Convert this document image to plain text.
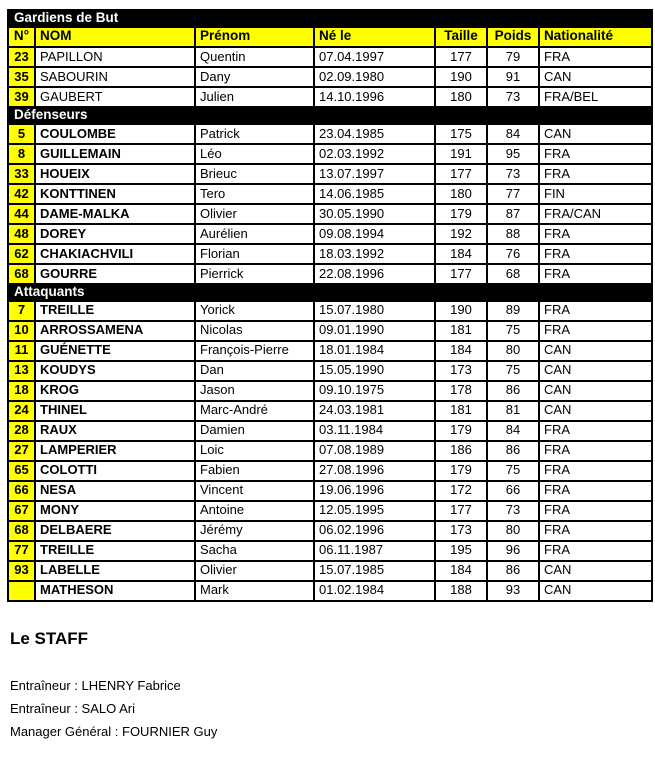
Gardiens de But						
N°	NOM	Prénom	Né le	Taille	Poids	Nationalité
23	PAPILLON	Quentin	07.04.1997	177	79	FRA
35	SABOURIN	Dany	02.09.1980	190	91	CAN
39	GAUBERT	Julien	14.10.1996	180	73	FRA/BEL
Défenseurs						
5	COULOMBE	Patrick	23.04.1985	175	84	CAN
8	GUILLEMAIN	Léo	02.03.1992	191	95	FRA
33	HOUEIX	Brieuc	13.07.1997	177	73	FRA
42	KONTTINEN	Tero	14.06.1985	180	77	FIN
44	DAME-MALKA	Olivier	30.05.1990	179	87	FRA/CAN
48	DOREY	Aurélien	09.08.1994	192	88	FRA
62	CHAKIACHVILI	Florian	18.03.1992	184	76	FRA
68	GOURRE	Pierrick	22.08.1996	177	68	FRA
Attaquants						
7	TREILLE	Yorick	15.07.1980	190	89	FRA
10	ARROSSAMENA	Nicolas	09.01.1990	181	75	FRA
11	GUÉNETTE	François-Pierre	18.01.1984	184	80	CAN
13	KOUDYS	Dan	15.05.1990	173	75	CAN
18	KROG	Jason	09.10.1975	178	86	CAN
24	THINEL	Marc-André	24.03.1981	181	81	CAN
28	RAUX	Damien	03.11.1984	179	84	FRA
27	LAMPERIER	Loic	07.08.1989	186	86	FRA
65	COLOTTI	Fabien	27.08.1996	179	75	FRA
66	NESA	Vincent	19.06.1996	172	66	FRA
67	MONY	Antoine	12.05.1995	177	73	FRA
68	DELBAERE	Jérémy	06.02.1996	173	80	FRA
77	TREILLE	Sacha	06.11.1987	195	96	FRA
93	LABELLE	Olivier	15.07.1985	184	86	CAN
	MATHESON	Mark	01.02.1984	188	93	CAN
Le STAFF

Entraîneur : LHENRY Fabrice

Entraîneur : SALO Ari

Manager Général : FOURNIER Guy
